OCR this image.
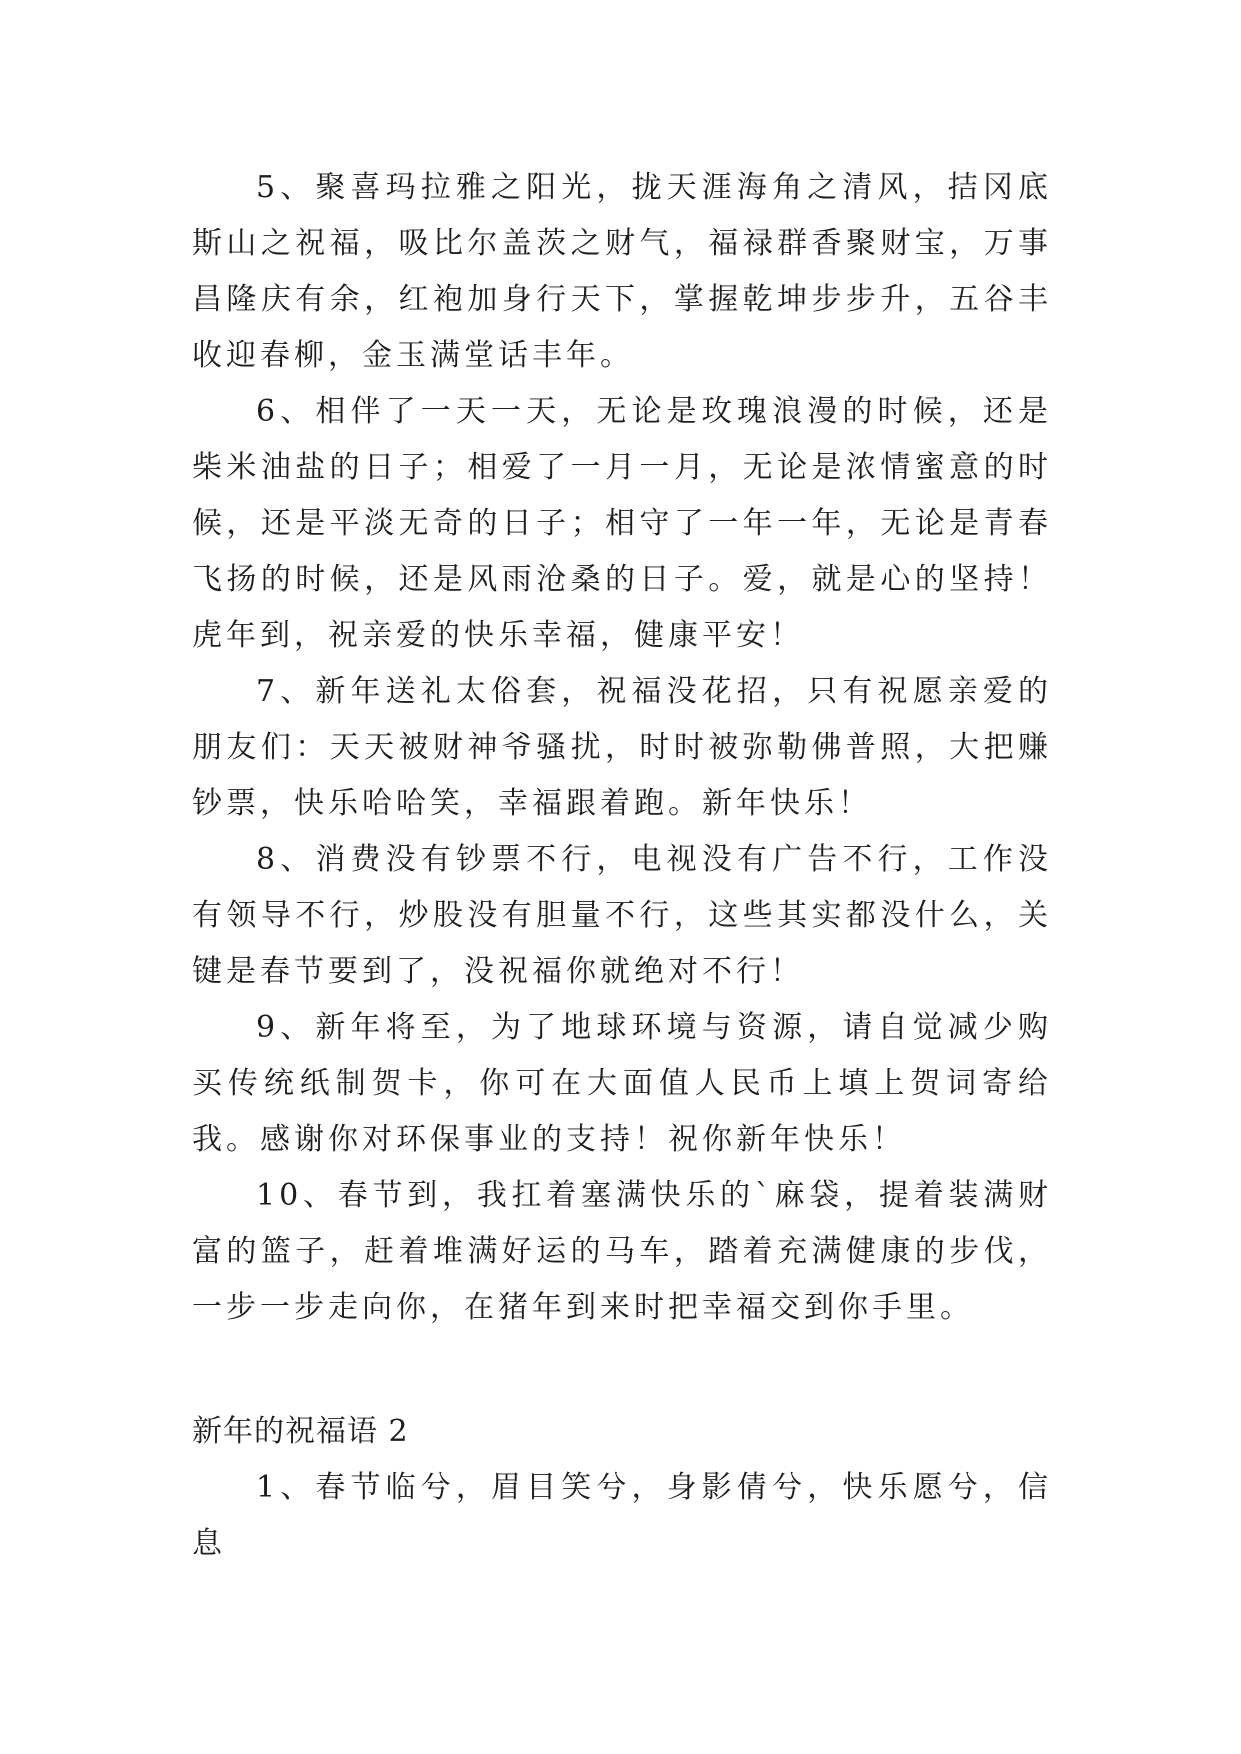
5、聚喜玛拉雅之阳光，拢天涯海角之清风，拮冈底斯山之祝福，吸比尔盖茨之财气，福禄群香聚财宝，万事昌隆庆有余，红袍加身行天下，掌握乾坤步步升，五谷丰收迎春柳，金玉满堂话丰年。

6、相伴了一天一天，无论是玫瑰浪漫的时候，还是柴米油盐的日子；相爱了一月一月，无论是浓情蜜意的时候，还是平淡无奇的日子；相守了一年一年，无论是青春飞扬的时候，还是风雨沧桑的日子。爱，就是心的坚持！虎年到，祝亲爱的快乐幸福，健康平安！

7、新年送礼太俗套，祝福没花招，只有祝愿亲爱的朋友们：天天被财神爷骚扰，时时被弥勒佛普照，大把赚钞票，快乐哈哈笑，幸福跟着跑。新年快乐！

8、消费没有钞票不行，电视没有广告不行，工作没有领导不行，炒股没有胆量不行，这些其实都没什么，关键是春节要到了，没祝福你就绝对不行！

9、新年将至，为了地球环境与资源，请自觉减少购买传统纸制贺卡，你可在大面值人民币上填上贺词寄给我。感谢你对环保事业的支持！祝你新年快乐！

10、春节到，我扛着塞满快乐的`麻袋，提着装满财富的篮子，赶着堆满好运的马车，踏着充满健康的步伐，一步一步走向你，在猪年到来时把幸福交到你手里。

新年的祝福语 2

1、春节临兮，眉目笑兮，身影倩兮，快乐愿兮，信息
